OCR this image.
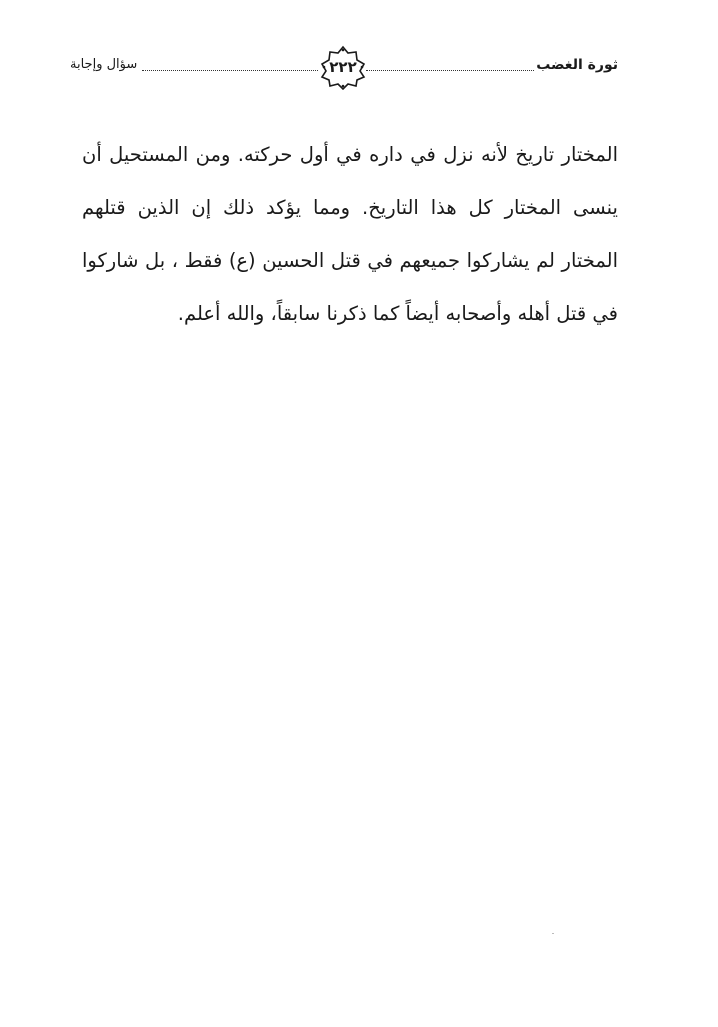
ثورة الغضب
٢٢٢
سؤال وإجابة

المختار تاريخ لأنه نزل في داره في أول حركته. ومن المستحيل أن ينسى المختار كل هذا التاريخ. ومما يؤكد ذلك إن الذين قتلهم المختار لم يشاركوا جميعهم في قتل الحسين (ع) فقط ، بل شاركوا في قتل أهله وأصحابه أيضاً كما ذكرنا سابقاً، والله أعلم.
